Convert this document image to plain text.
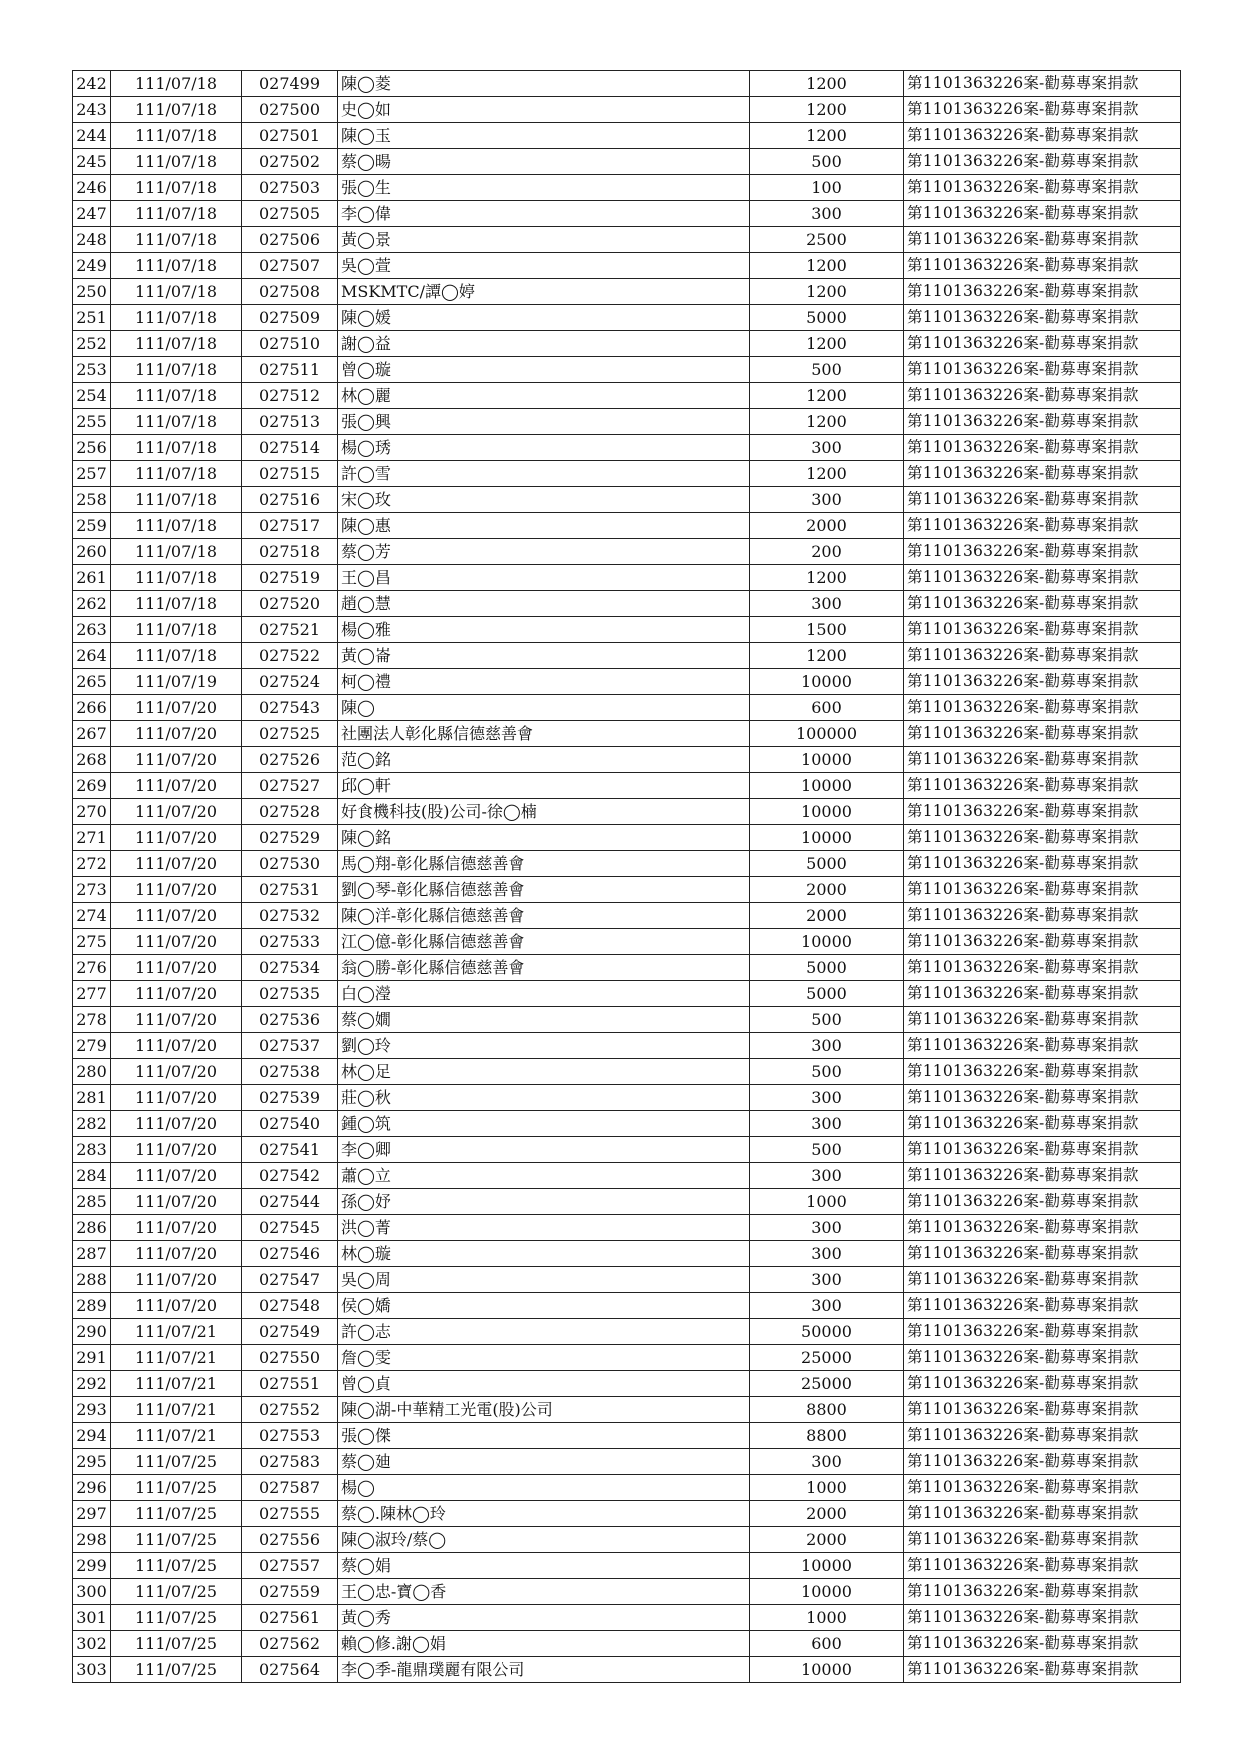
242	111/07/18	027499	陳◯菱	1200	第1101363226案-勸募專案捐款
243	111/07/18	027500	史◯如	1200	第1101363226案-勸募專案捐款
244	111/07/18	027501	陳◯玉	1200	第1101363226案-勸募專案捐款
245	111/07/18	027502	蔡◯暘	500	第1101363226案-勸募專案捐款
246	111/07/18	027503	張◯生	100	第1101363226案-勸募專案捐款
247	111/07/18	027505	李◯偉	300	第1101363226案-勸募專案捐款
248	111/07/18	027506	黃◯景	2500	第1101363226案-勸募專案捐款
249	111/07/18	027507	吳◯萱	1200	第1101363226案-勸募專案捐款
250	111/07/18	027508	MSKMTC/譚◯婷	1200	第1101363226案-勸募專案捐款
251	111/07/18	027509	陳◯媛	5000	第1101363226案-勸募專案捐款
252	111/07/18	027510	謝◯益	1200	第1101363226案-勸募專案捐款
253	111/07/18	027511	曾◯璇	500	第1101363226案-勸募專案捐款
254	111/07/18	027512	林◯麗	1200	第1101363226案-勸募專案捐款
255	111/07/18	027513	張◯興	1200	第1101363226案-勸募專案捐款
256	111/07/18	027514	楊◯琇	300	第1101363226案-勸募專案捐款
257	111/07/18	027515	許◯雪	1200	第1101363226案-勸募專案捐款
258	111/07/18	027516	宋◯玫	300	第1101363226案-勸募專案捐款
259	111/07/18	027517	陳◯惠	2000	第1101363226案-勸募專案捐款
260	111/07/18	027518	蔡◯芳	200	第1101363226案-勸募專案捐款
261	111/07/18	027519	王◯昌	1200	第1101363226案-勸募專案捐款
262	111/07/18	027520	趙◯慧	300	第1101363226案-勸募專案捐款
263	111/07/18	027521	楊◯雅	1500	第1101363226案-勸募專案捐款
264	111/07/18	027522	黃◯崙	1200	第1101363226案-勸募專案捐款
265	111/07/19	027524	柯◯禮	10000	第1101363226案-勸募專案捐款
266	111/07/20	027543	陳◯	600	第1101363226案-勸募專案捐款
267	111/07/20	027525	社團法人彰化縣信德慈善會	100000	第1101363226案-勸募專案捐款
268	111/07/20	027526	范◯銘	10000	第1101363226案-勸募專案捐款
269	111/07/20	027527	邱◯軒	10000	第1101363226案-勸募專案捐款
270	111/07/20	027528	好食機科技(股)公司-徐◯楠	10000	第1101363226案-勸募專案捐款
271	111/07/20	027529	陳◯銘	10000	第1101363226案-勸募專案捐款
272	111/07/20	027530	馬◯翔-彰化縣信德慈善會	5000	第1101363226案-勸募專案捐款
273	111/07/20	027531	劉◯琴-彰化縣信德慈善會	2000	第1101363226案-勸募專案捐款
274	111/07/20	027532	陳◯洋-彰化縣信德慈善會	2000	第1101363226案-勸募專案捐款
275	111/07/20	027533	江◯億-彰化縣信德慈善會	10000	第1101363226案-勸募專案捐款
276	111/07/20	027534	翁◯勝-彰化縣信德慈善會	5000	第1101363226案-勸募專案捐款
277	111/07/20	027535	白◯瀅	5000	第1101363226案-勸募專案捐款
278	111/07/20	027536	蔡◯嫺	500	第1101363226案-勸募專案捐款
279	111/07/20	027537	劉◯玲	300	第1101363226案-勸募專案捐款
280	111/07/20	027538	林◯足	500	第1101363226案-勸募專案捐款
281	111/07/20	027539	莊◯秋	300	第1101363226案-勸募專案捐款
282	111/07/20	027540	鍾◯筑	300	第1101363226案-勸募專案捐款
283	111/07/20	027541	李◯卿	500	第1101363226案-勸募專案捐款
284	111/07/20	027542	蕭◯立	300	第1101363226案-勸募專案捐款
285	111/07/20	027544	孫◯妤	1000	第1101363226案-勸募專案捐款
286	111/07/20	027545	洪◯菁	300	第1101363226案-勸募專案捐款
287	111/07/20	027546	林◯璇	300	第1101363226案-勸募專案捐款
288	111/07/20	027547	吳◯周	300	第1101363226案-勸募專案捐款
289	111/07/20	027548	侯◯嬌	300	第1101363226案-勸募專案捐款
290	111/07/21	027549	許◯志	50000	第1101363226案-勸募專案捐款
291	111/07/21	027550	詹◯雯	25000	第1101363226案-勸募專案捐款
292	111/07/21	027551	曾◯貞	25000	第1101363226案-勸募專案捐款
293	111/07/21	027552	陳◯湖-中華精工光電(股)公司	8800	第1101363226案-勸募專案捐款
294	111/07/21	027553	張◯傑	8800	第1101363226案-勸募專案捐款
295	111/07/25	027583	蔡◯廸	300	第1101363226案-勸募專案捐款
296	111/07/25	027587	楊◯	1000	第1101363226案-勸募專案捐款
297	111/07/25	027555	蔡◯.陳林◯玲	2000	第1101363226案-勸募專案捐款
298	111/07/25	027556	陳◯淑玲/蔡◯	2000	第1101363226案-勸募專案捐款
299	111/07/25	027557	蔡◯娟	10000	第1101363226案-勸募專案捐款
300	111/07/25	027559	王◯忠-寶◯香	10000	第1101363226案-勸募專案捐款
301	111/07/25	027561	黃◯秀	1000	第1101363226案-勸募專案捐款
302	111/07/25	027562	賴◯修.謝◯娟	600	第1101363226案-勸募專案捐款
303	111/07/25	027564	李◯季-龍鼎璞麗有限公司	10000	第1101363226案-勸募專案捐款
